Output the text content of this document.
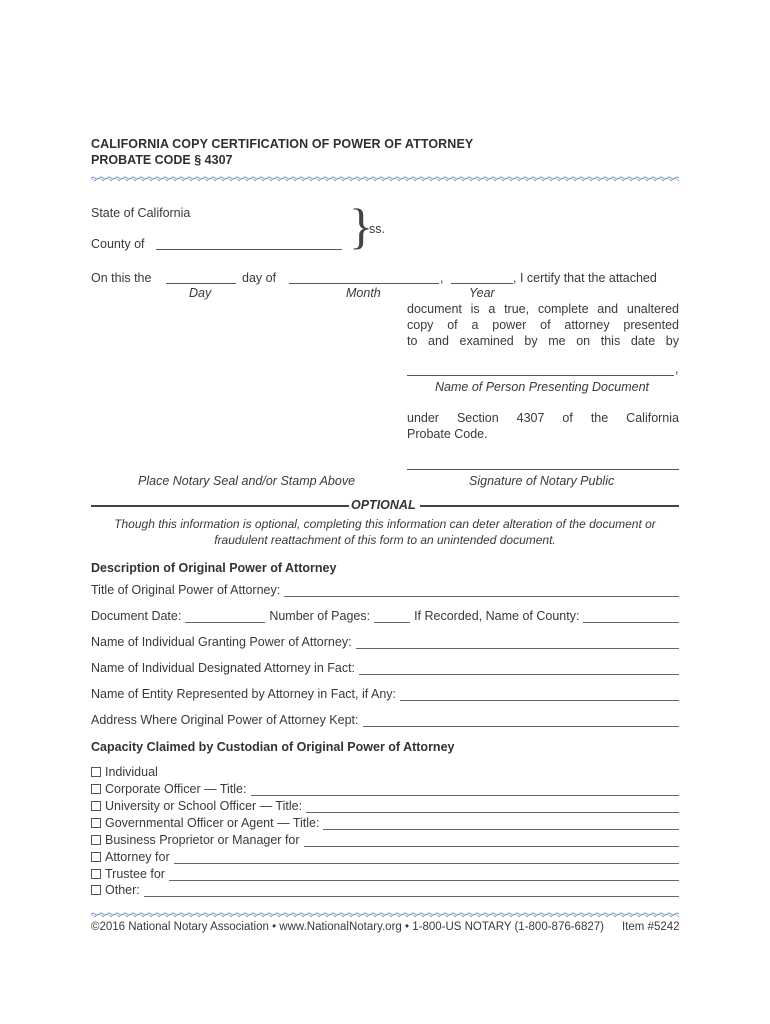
CALIFORNIA COPY CERTIFICATION OF POWER OF ATTORNEY
PROBATE CODE § 4307
State of California
County of	}
ss.
On this the	day of	,	, I certify that the attached
Day	Month	Year
document is a true, complete and unaltered
copy of a power of attorney presented
to and examined by me on this date by
,
Name of Person Presenting Document
under Section 4307 of the California
Probate Code.
Place Notary Seal and/or Stamp Above	Signature of Notary Public
OPTIONAL
Though this information is optional, completing this information can deter alteration of the document or
fraudulent reattachment of this form to an unintended document.
Description of Original Power of Attorney
Title of Original Power of Attorney:
Document Date:	Number of Pages:	If Recorded, Name of County:
Name of Individual Granting Power of Attorney:
Name of Individual Designated Attorney in Fact:
Name of Entity Represented by Attorney in Fact, if Any:
Address Where Original Power of Attorney Kept:
Capacity Claimed by Custodian of Original Power of Attorney
Individual
Corporate Officer — Title:
University or School Officer — Title:
Governmental Officer or Agent — Title:
Business Proprietor or Manager for
Attorney for
Trustee for
Other:
©2016 National Notary Association • www.NationalNotary.org • 1-800-US NOTARY (1-800-876-6827) Item #5242
